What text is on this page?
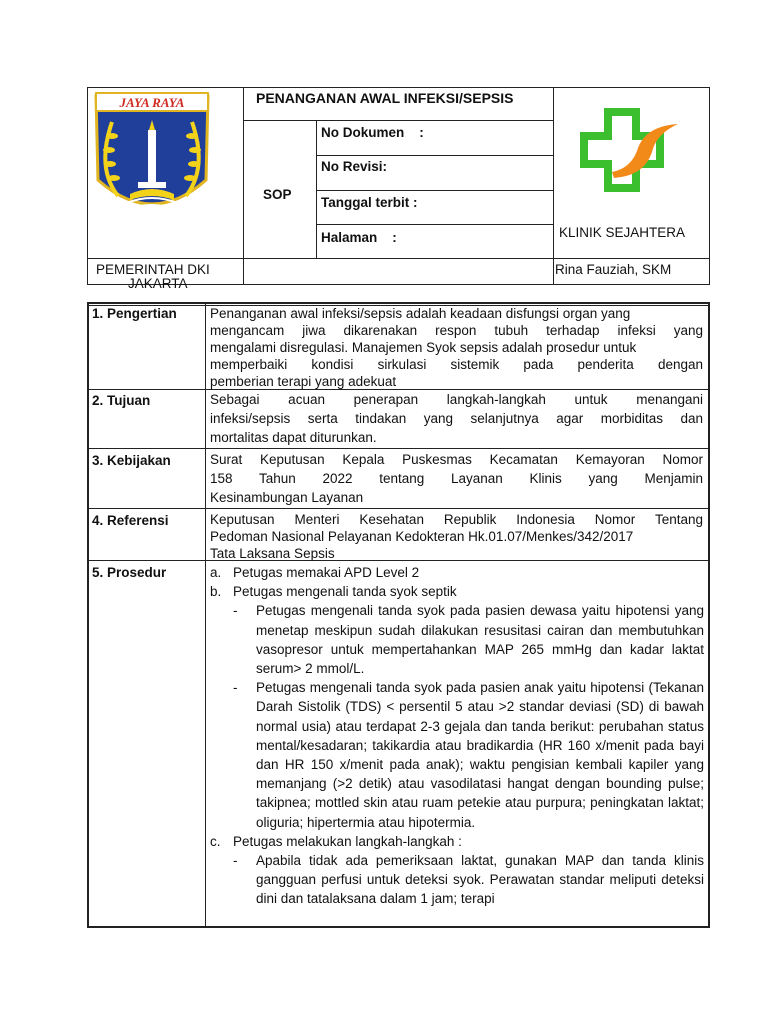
JAYA RAYA	PENANGANAN AWAL INFEKSI/SEPSIS
SOP
No Dokumen    :
No Revisi:
Tanggal terbit :
Halaman    :	KLINIK SEJAHTERA
PEMERINTAH DKI
JAKARTA
Rina Fauziah, SKM
1. Pengertian
2. Tujuan
3. Kebijakan
4. Referensi
5. Prosedur
Penanganan awal infeksi/sepsis adalah keadaan disfungsi organ yang
mengancam jiwa dikarenakan respon tubuh terhadap infeksi yang
mengalami disregulasi. Manajemen Syok sepsis adalah prosedur untuk
memperbaiki kondisi sirkulasi sistemik pada penderita dengan
pemberian terapi yang adekuat
Sebagai acuan penerapan langkah-langkah untuk menangani
infeksi/sepsis serta tindakan yang selanjutnya agar morbiditas dan
mortalitas dapat diturunkan.
Surat Keputusan Kepala Puskesmas Kecamatan Kemayoran Nomor
158 Tahun 2022 tentang Layanan Klinis yang Menjamin
Kesinambungan Layanan
Keputusan Menteri Kesehatan Republik Indonesia Nomor Tentang
Pedoman Nasional Pelayanan Kedokteran Hk.01.07/Menkes/342/2017
Tata Laksana Sepsis
a. Petugas memakai APD Level 2

b. Petugas mengenali tanda syok septik

- Petugas mengenali tanda syok pada pasien dewasa yaitu hipotensi yang menetap meskipun sudah dilakukan resusitasi cairan dan membutuhkan vasopresor untuk mempertahankan MAP 265 mmHg dan kadar laktat serum> 2 mmol/L.

- Petugas mengenali tanda syok pada pasien anak yaitu hipotensi (Tekanan Darah Sistolik (TDS) < persentil 5 atau >2 standar deviasi (SD) di bawah normal usia) atau terdapat 2-3 gejala dan tanda berikut: perubahan status mental/kesadaran; takikardia atau bradikardia (HR 160 x/menit pada bayi dan HR 150 x/menit pada anak); waktu pengisian kembali kapiler yang memanjang (>2 detik) atau vasodilatasi hangat dengan bounding pulse; takipnea; mottled skin atau ruam petekie atau purpura; peningkatan laktat; oliguria; hipertermia atau hipotermia.

c. Petugas melakukan langkah-langkah :

- Apabila tidak ada pemeriksaan laktat, gunakan MAP dan tanda klinis gangguan perfusi untuk deteksi syok. Perawatan standar meliputi deteksi dini dan tatalaksana dalam 1 jam; terapi
